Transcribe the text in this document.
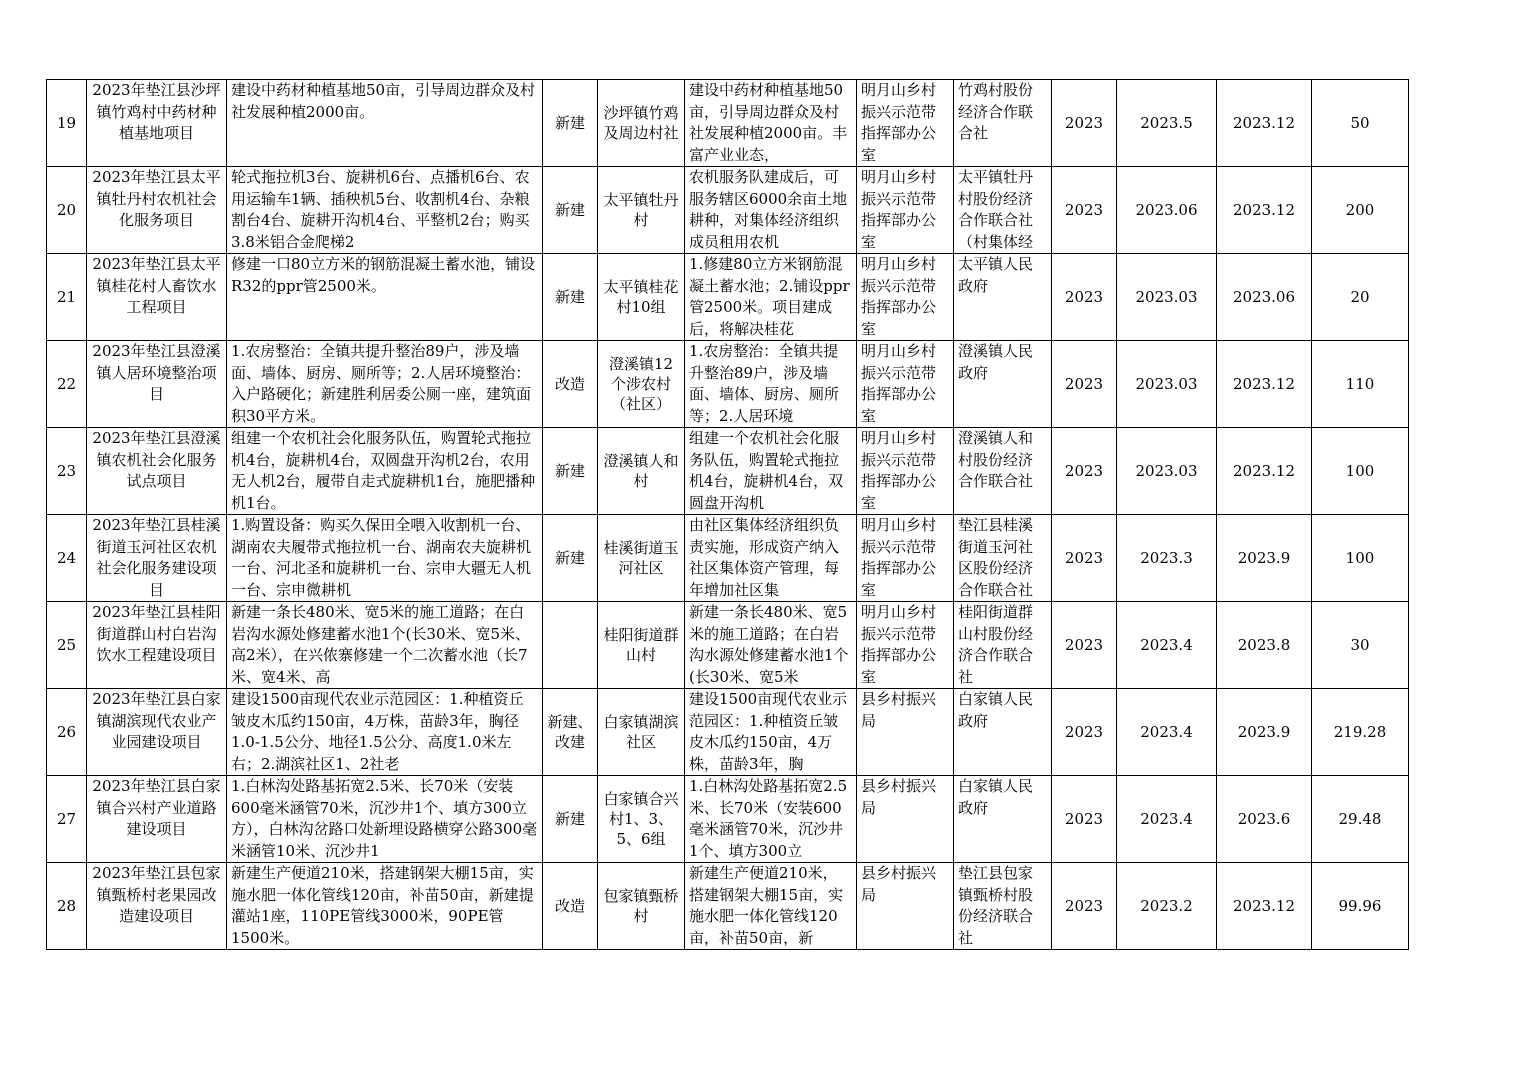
19	2023年垫江县沙坪镇竹鸡村中药材种植基地项目	建设中药材种植基地50亩，引导周边群众及村社发展种植2000亩。	新建	沙坪镇竹鸡及周边村社	建设中药材种植基地50亩，引导周边群众及村社发展种植2000亩。丰富产业业态，	明月山乡村振兴示范带指挥部办公室	竹鸡村股份经济合作联合社	2023	2023.5	2023.12	50

20	2023年垫江县太平镇牡丹村农机社会化服务项目	轮式拖拉机3台、旋耕机6台、点播机6台、农用运输车1辆、插秧机5台、收割机4台、杂粮割台4台、旋耕开沟机4台、平整机2台；购买3.8米铝合金爬梯2	新建	太平镇牡丹村	农机服务队建成后，可服务辖区6000余亩土地耕种，对集体经济组织成员租用农机	明月山乡村振兴示范带指挥部办公室	太平镇牡丹村股份经济合作联合社（村集体经	2023	2023.06	2023.12	200

21	2023年垫江县太平镇桂花村人畜饮水工程项目	修建一口80立方米的钢筋混凝土蓄水池，铺设R32的ppr管2500米。	新建	太平镇桂花村10组	1.修建80立方米钢筋混凝土蓄水池；2.铺设ppr管2500米。项目建成后，将解决桂花	明月山乡村振兴示范带指挥部办公室	太平镇人民政府	2023	2023.03	2023.06	20

22	2023年垫江县澄溪镇人居环境整治项目	1.农房整治：全镇共提升整治89户，涉及墙面、墙体、厨房、厕所等；2.人居环境整治：入户路硬化；新建胜利居委公厕一座，建筑面积30平方米。	改造	澄溪镇12个涉农村（社区）	1.农房整治：全镇共提升整治89户，涉及墙面、墙体、厨房、厕所等；2.人居环境	明月山乡村振兴示范带指挥部办公室	澄溪镇人民政府	2023	2023.03	2023.12	110

23	2023年垫江县澄溪镇农机社会化服务试点项目	组建一个农机社会化服务队伍，购置轮式拖拉机4台，旋耕机4台，双圆盘开沟机2台，农用无人机2台，履带自走式旋耕机1台，施肥播种机1台。	新建	澄溪镇人和村	组建一个农机社会化服务队伍，购置轮式拖拉机4台，旋耕机4台，双圆盘开沟机	明月山乡村振兴示范带指挥部办公室	澄溪镇人和村股份经济合作联合社	2023	2023.03	2023.12	100

24	2023年垫江县桂溪街道玉河社区农机社会化服务建设项目	1.购置设备：购买久保田全喂入收割机一台、湖南农夫履带式拖拉机一台、湖南农夫旋耕机一台、河北圣和旋耕机一台、宗申大疆无人机一台、宗申微耕机	新建	桂溪街道玉河社区	由社区集体经济组织负责实施，形成资产纳入社区集体资产管理，每年增加社区集	明月山乡村振兴示范带指挥部办公室	垫江县桂溪街道玉河社区股份经济合作联合社	2023	2023.3	2023.9	100

25	2023年垫江县桂阳街道群山村白岩沟饮水工程建设项目	新建一条长480米、宽5米的施工道路；在白岩沟水源处修建蓄水池1个(长30米、宽5米、高2米），在兴侬寨修建一个二次蓄水池（长7米、宽4米、高		桂阳街道群山村	新建一条长480米、宽5米的施工道路；在白岩沟水源处修建蓄水池1个(长30米、宽5米	明月山乡村振兴示范带指挥部办公室	桂阳街道群山村股份经济合作联合社	2023	2023.4	2023.8	30

26	2023年垫江县白家镇湖滨现代农业产业园建设项目	建设1500亩现代农业示范园区：1.种植资丘皱皮木瓜约150亩，4万株，苗龄3年，胸径1.0-1.5公分、地径1.5公分、高度1.0米左右；2.湖滨社区1、2社老	新建、改建	白家镇湖滨社区	建设1500亩现代农业示范园区：1.种植资丘皱皮木瓜约150亩，4万株，苗龄3年，胸	县乡村振兴局	白家镇人民政府	2023	2023.4	2023.9	219.28

27	2023年垫江县白家镇合兴村产业道路建设项目	1.白林沟处路基拓宽2.5米、长70米（安装600毫米涵管70米，沉沙井1个、填方300立方），白林沟岔路口处新埋设路横穿公路300毫米涵管10米、沉沙井1	新建	白家镇合兴村1、3、5、6组	1.白林沟处路基拓宽2.5米、长70米（安装600毫米涵管70米，沉沙井1个、填方300立	县乡村振兴局	白家镇人民政府	2023	2023.4	2023.6	29.48

28	2023年垫江县包家镇甄桥村老果园改造建设项目	新建生产便道210米，搭建钢架大棚15亩，实施水肥一体化管线120亩，补苗50亩，新建提灌站1座，110PE管线3000米，90PE管1500米。	改造	包家镇甄桥村	新建生产便道210米，搭建钢架大棚15亩，实施水肥一体化管线120亩，补苗50亩，新	县乡村振兴局	垫江县包家镇甄桥村股份经济联合社	2023	2023.2	2023.12	99.96
